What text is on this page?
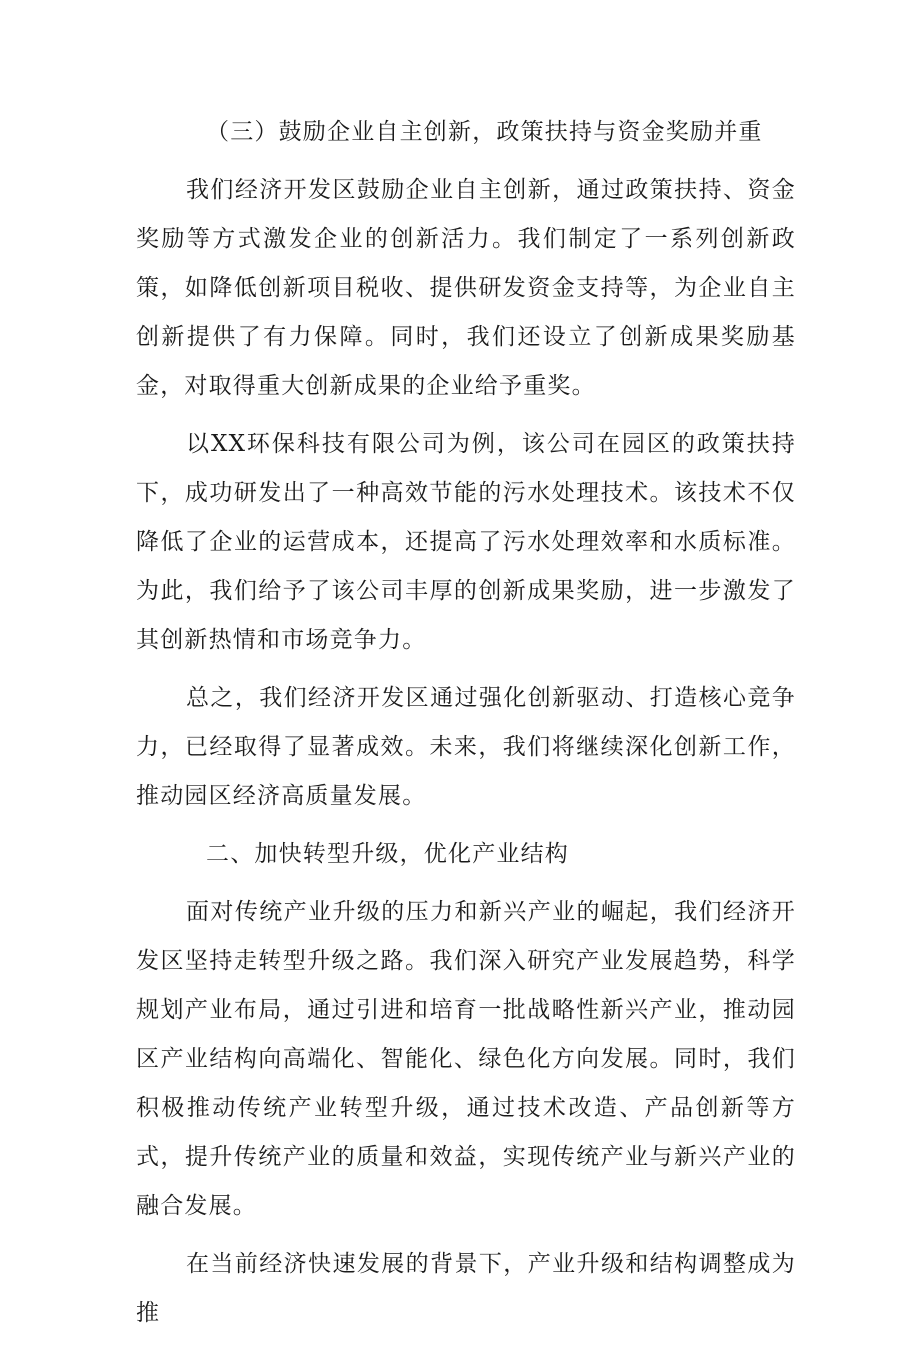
（三）鼓励企业自主创新，政策扶持与资金奖励并重

我们经济开发区鼓励企业自主创新，通过政策扶持、资金奖励等方式激发企业的创新活力。我们制定了一系列创新政策，如降低创新项目税收、提供研发资金支持等，为企业自主创新提供了有力保障。同时，我们还设立了创新成果奖励基金，对取得重大创新成果的企业给予重奖。

以XX环保科技有限公司为例，该公司在园区的政策扶持下，成功研发出了一种高效节能的污水处理技术。该技术不仅降低了企业的运营成本，还提高了污水处理效率和水质标准。为此，我们给予了该公司丰厚的创新成果奖励，进一步激发了其创新热情和市场竞争力。

总之，我们经济开发区通过强化创新驱动、打造核心竞争力，已经取得了显著成效。未来，我们将继续深化创新工作，推动园区经济高质量发展。

二、加快转型升级，优化产业结构

面对传统产业升级的压力和新兴产业的崛起，我们经济开发区坚持走转型升级之路。我们深入研究产业发展趋势，科学规划产业布局，通过引进和培育一批战略性新兴产业，推动园区产业结构向高端化、智能化、绿色化方向发展。同时，我们积极推动传统产业转型升级，通过技术改造、产品创新等方式，提升传统产业的质量和效益，实现传统产业与新兴产业的融合发展。

在当前经济快速发展的背景下，产业升级和结构调整成为推
